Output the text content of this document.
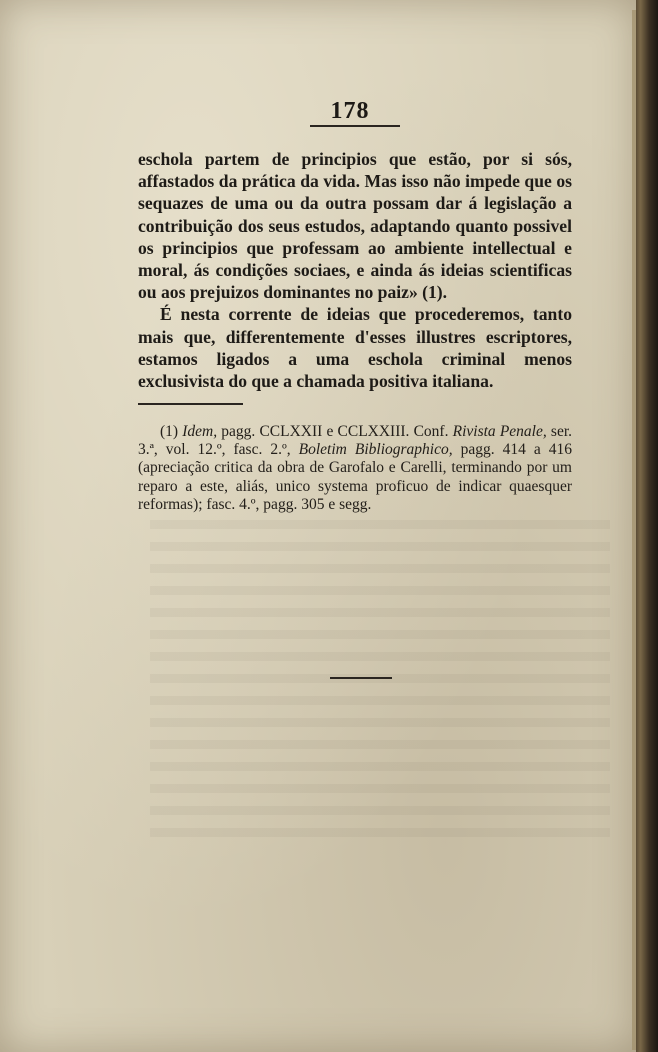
178

eschola partem de principios que estão, por si sós, affastados da prática da vida. Mas isso não impede que os sequazes de uma ou da outra possam dar á legislação a contribuição dos seus estudos, adaptando quanto possivel os principios que professam ao ambiente intellectual e moral, ás condições sociaes, e ainda ás ideias scientificas ou aos prejuizos dominantes no paiz» (1).

É nesta corrente de ideias que procederemos, tanto mais que, differentemente d'esses illustres escriptores, estamos ligados a uma eschola criminal menos exclusivista do que a chamada positiva italiana.

(1) Idem, pagg. CCLXXII e CCLXXIII. Conf. Rivista Penale, ser. 3.ª, vol. 12.º, fasc. 2.º, Boletim Bibliographico, pagg. 414 a 416 (apreciação critica da obra de Garofalo e Carelli, terminando por um reparo a este, aliás, unico systema proficuo de indicar quaesquer reformas); fasc. 4.º, pagg. 305 e segg.
